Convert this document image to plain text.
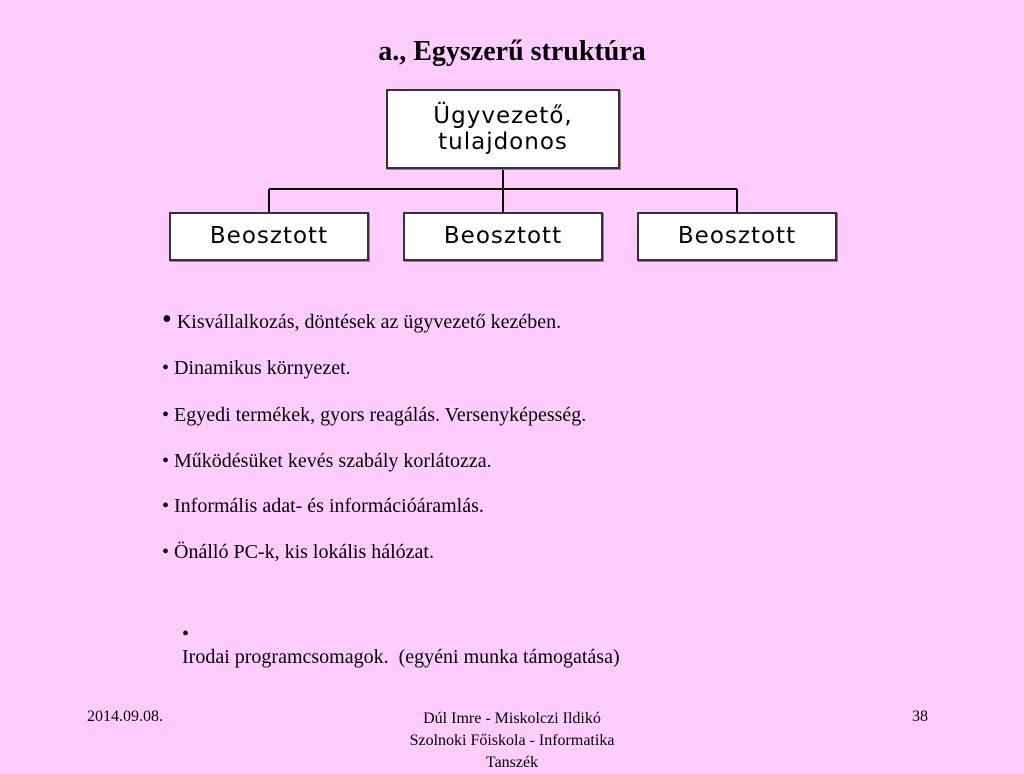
a., Egyszerű struktúra
Ügyvezető,
tulajdonos
Beosztott	Beosztott	Beosztott
• Kisvállalkozás, döntések az ügyvezető kezében.
• Dinamikus környezet.
• Egyedi termékek, gyors reagálás. Versenyképesség.
• Működésüket kevés szabály korlátozza.
• Informális adat- és információáramlás.
• Önálló PC-k, kis lokális hálózat.

•
Irodai programcsomagok.  (egyéni munka támogatása)

2014.09.08.	Dúl Imre - Miskolczi Ildikó
Szolnoki Főiskola - Informatika
Tanszék
38
